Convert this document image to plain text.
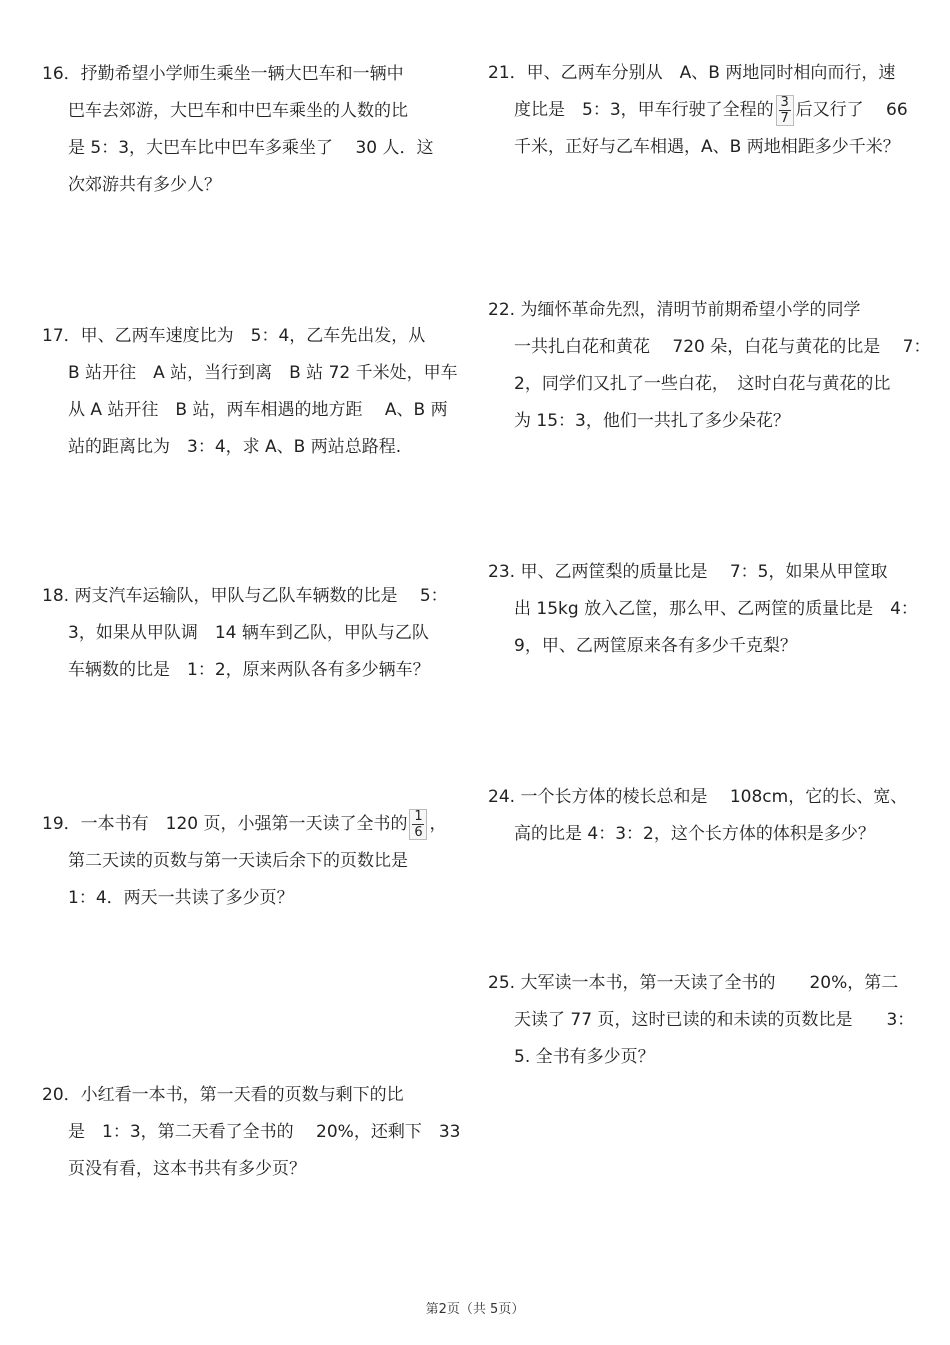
16．抒勤希望小学师生乘坐一辆大巴车和一辆中
巴车去郊游，大巴车和中巴车乘坐的人数的比
是 5：3，大巴车比中巴车多乘坐了　 30 人．这
次郊游共有多少人？
17．甲、乙两车速度比为　5：4，乙车先出发，从
B 站开往　A 站，当行到离　B 站 72 千米处，甲车
从 A 站开往　B 站，两车相遇的地方距　 A、B 两
站的距离比为　3：4，求 A、B 两站总路程.
18. 两支汽车运输队，甲队与乙队车辆数的比是　 5：
3，如果从甲队调　14 辆车到乙队，甲队与乙队
车辆数的比是　1：2，原来两队各有多少辆车？
19．一本书有　120 页，小强第一天读了全书的 $\frac{1}{6}$ ，
第二天读的页数与第一天读后余下的页数比是
1：4．两天一共读了多少页？
20．小红看一本书，第一天看的页数与剩下的比
是　1：3，第二天看了全书的　 20%，还剩下　33
页没有看，这本书共有多少页？
21．甲、乙两车分别从　A、B 两地同时相向而行，速
度比是　5：3，甲车行驶了全程的 $\frac{3}{7}$ 后又行了　 66
千米，正好与乙车相遇，A、B 两地相距多少千米？
22. 为缅怀革命先烈，清明节前期希望小学的同学
一共扎白花和黄花　 720 朵，白花与黄花的比是　 7：
2，同学们又扎了一些白花，　这时白花与黄花的比
为 15：3，他们一共扎了多少朵花？
23. 甲、乙两筐梨的质量比是　 7：5，如果从甲筐取
出 15kg 放入乙筐，那么甲、乙两筐的质量比是　4：
9，甲、乙两筐原来各有多少千克梨？
24. 一个长方体的棱长总和是　 108cm，它的长、宽、
高的比是 4：3：2，这个长方体的体积是多少？
25. 大军读一本书，第一天读了全书的　　20%，第二
天读了 77 页，这时已读的和未读的页数比是　　3：
5. 全书有多少页？
第2页（共 5页）
